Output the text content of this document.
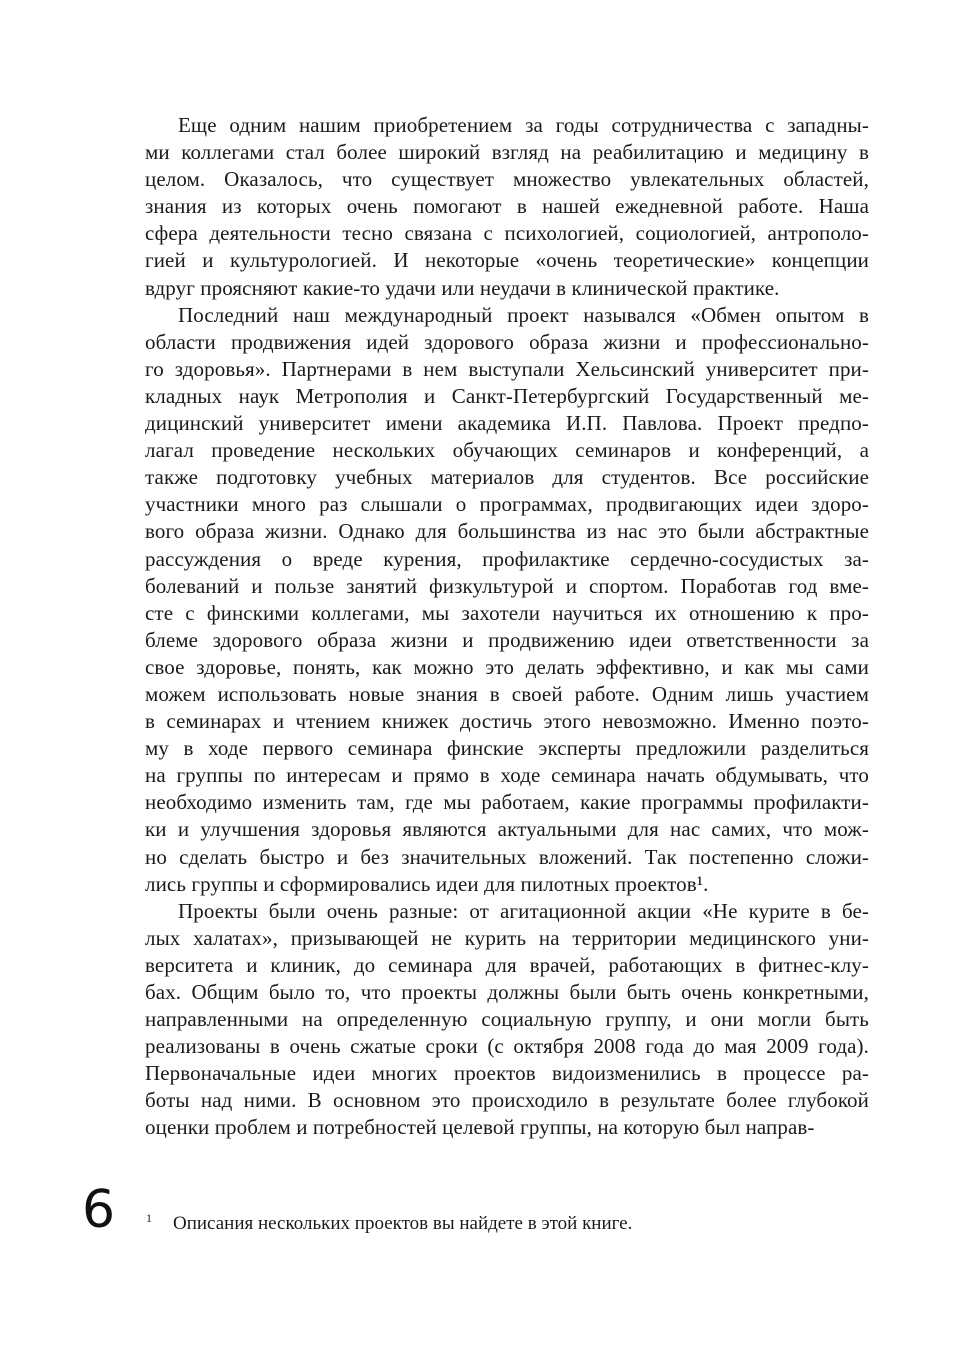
Еще одним нашим приобретением за годы сотрудничества с западны-
ми коллегами стал более широкий взгляд на реабилитацию и медицину в
целом. Оказалось, что существует множество увлекательных областей,
знания из которых очень помогают в нашей ежедневной работе. Наша
сфера деятельности тесно связана с психологией, социологией, антрополо-
гией и культурологией. И некоторые «очень теоретические» концепции
вдруг проясняют какие-то удачи или неудачи в клинической практике.
Последний наш международный проект назывался «Обмен опытом в
области продвижения идей здорового образа жизни и профессионально-
го здоровья». Партнерами в нем выступали Хельсинский университет при-
кладных наук Метрополия и Санкт-Петербургский Государственный ме-
дицинский университет имени академика И.П. Павлова. Проект предпо-
лагал проведение нескольких обучающих семинаров и конференций, а
также подготовку учебных материалов для студентов. Все российские
участники много раз слышали о программах, продвигающих идеи здоро-
вого образа жизни. Однако для большинства из нас это были абстрактные
рассуждения о вреде курения, профилактике сердечно-сосудистых за-
болеваний и пользе занятий физкультурой и спортом. Поработав год вме-
сте с финскими коллегами, мы захотели научиться их отношению к про-
блеме здорового образа жизни и продвижению идеи ответственности за
свое здоровье, понять, как можно это делать эффективно, и как мы сами
можем использовать новые знания в своей работе. Одним лишь участием
в семинарах и чтением книжек достичь этого невозможно. Именно поэто-
му в ходе первого семинара финские эксперты предложили разделиться
на группы по интересам и прямо в ходе семинара начать обдумывать, что
необходимо изменить там, где мы работаем, какие программы профилакти-
ки и улучшения здоровья являются актуальными для нас самих, что мож-
но сделать быстро и без значительных вложений. Так постепенно сложи-
лись группы и сформировались идеи для пилотных проектов¹.
Проекты были очень разные: от агитационной акции «Не курите в бе-
лых халатах», призывающей не курить на территории медицинского уни-
верситета и клиник, до семинара для врачей, работающих в фитнес-клу-
бах. Общим было то, что проекты должны были быть очень конкретными,
направленными на определенную социальную группу, и они могли быть
реализованы в очень сжатые сроки (с октября 2008 года до мая 2009 года).
Первоначальные идеи многих проектов видоизменились в процессе ра-
боты над ними. В основном это происходило в результате более глубокой
оценки проблем и потребностей целевой группы, на которую был направ-
6	1 Описания нескольких проектов вы найдете в этой книге.
